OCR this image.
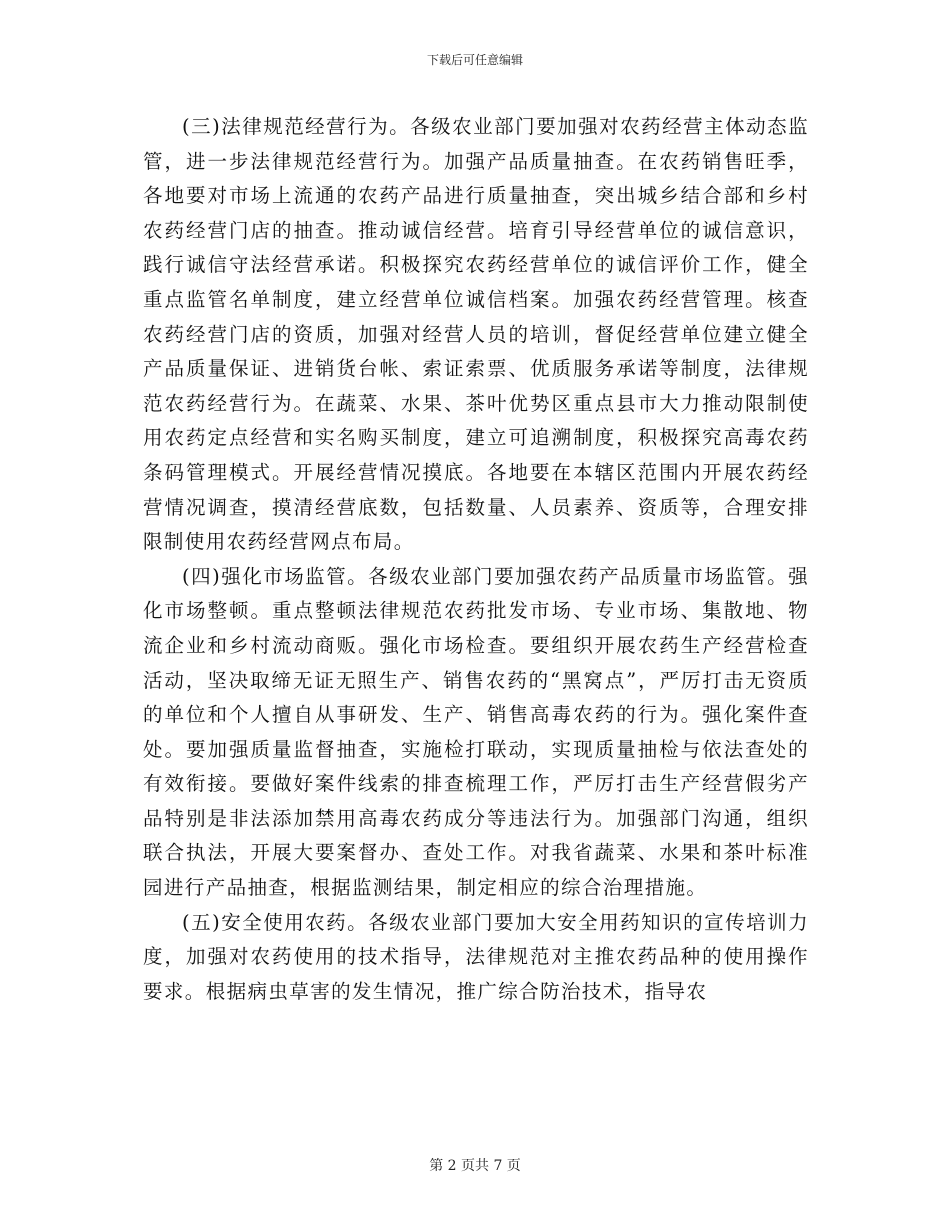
下载后可任意编辑

(三)法律规范经营行为。各级农业部门要加强对农药经营主体动态监管，进一步法律规范经营行为。加强产品质量抽查。在农药销售旺季，各地要对市场上流通的农药产品进行质量抽查，突出城乡结合部和乡村农药经营门店的抽查。推动诚信经营。培育引导经营单位的诚信意识，践行诚信守法经营承诺。积极探究农药经营单位的诚信评价工作，健全重点监管名单制度，建立经营单位诚信档案。加强农药经营管理。核查农药经营门店的资质，加强对经营人员的培训，督促经营单位建立健全产品质量保证、进销货台帐、索证索票、优质服务承诺等制度，法律规范农药经营行为。在蔬菜、水果、茶叶优势区重点县市大力推动限制使用农药定点经营和实名购买制度，建立可追溯制度，积极探究高毒农药条码管理模式。开展经营情况摸底。各地要在本辖区范围内开展农药经营情况调查，摸清经营底数，包括数量、人员素养、资质等，合理安排限制使用农药经营网点布局。

(四)强化市场监管。各级农业部门要加强农药产品质量市场监管。强化市场整顿。重点整顿法律规范农药批发市场、专业市场、集散地、物流企业和乡村流动商贩。强化市场检查。要组织开展农药生产经营检查活动，坚决取缔无证无照生产、销售农药的“黑窝点”，严厉打击无资质的单位和个人擅自从事研发、生产、销售高毒农药的行为。强化案件查处。要加强质量监督抽查，实施检打联动，实现质量抽检与依法查处的有效衔接。要做好案件线索的排查梳理工作，严厉打击生产经营假劣产品特别是非法添加禁用高毒农药成分等违法行为。加强部门沟通，组织联合执法，开展大要案督办、查处工作。对我省蔬菜、水果和茶叶标准园进行产品抽查，根据监测结果，制定相应的综合治理措施。

(五)安全使用农药。各级农业部门要加大安全用药知识的宣传培训力度，加强对农药使用的技术指导，法律规范对主推农药品种的使用操作要求。根据病虫草害的发生情况，推广综合防治技术，指导农

第 2 页共 7 页
